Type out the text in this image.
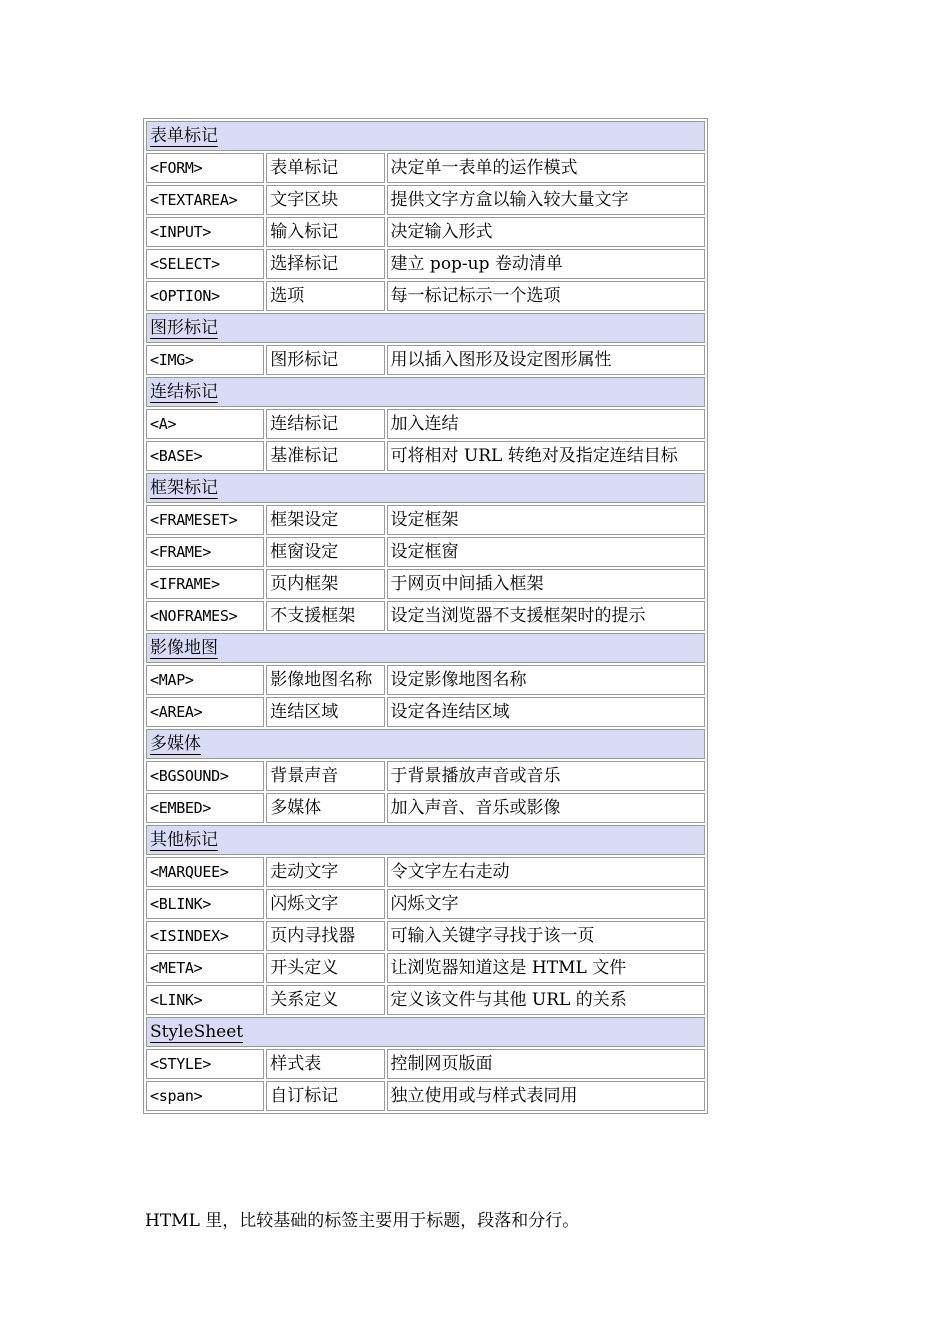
表单标记		
<FORM>	表单标记	决定单一表单的运作模式
<TEXTAREA>	文字区块	提供文字方盒以输入较大量文字
<INPUT>	输入标记	决定输入形式
<SELECT>	选择标记	建立 pop-up 卷动清单
<OPTION>	选项	每一标记标示一个选项
图形标记		
<IMG>	图形标记	用以插入图形及设定图形属性
连结标记		
<A>	连结标记	加入连结
<BASE>	基准标记	可将相对 URL 转绝对及指定连结目标
框架标记		
<FRAMESET>	框架设定	设定框架
<FRAME>	框窗设定	设定框窗
<IFRAME>	页内框架	于网页中间插入框架
<NOFRAMES>	不支援框架	设定当浏览器不支援框架时的提示
影像地图		
<MAP>	影像地图名称	设定影像地图名称
<AREA>	连结区域	设定各连结区域
多媒体		
<BGSOUND>	背景声音	于背景播放声音或音乐
<EMBED>	多媒体	加入声音、音乐或影像
其他标记		
<MARQUEE>	走动文字	令文字左右走动
<BLINK>	闪烁文字	闪烁文字
<ISINDEX>	页内寻找器	可输入关键字寻找于该一页
<META>	开头定义	让浏览器知道这是 HTML 文件
<LINK>	关系定义	定义该文件与其他 URL 的关系
StyleSheet		
<STYLE>	样式表	控制网页版面
<span>	自订标记	独立使用或与样式表同用

HTML 里，比较基础的标签主要用于标题，段落和分行。
